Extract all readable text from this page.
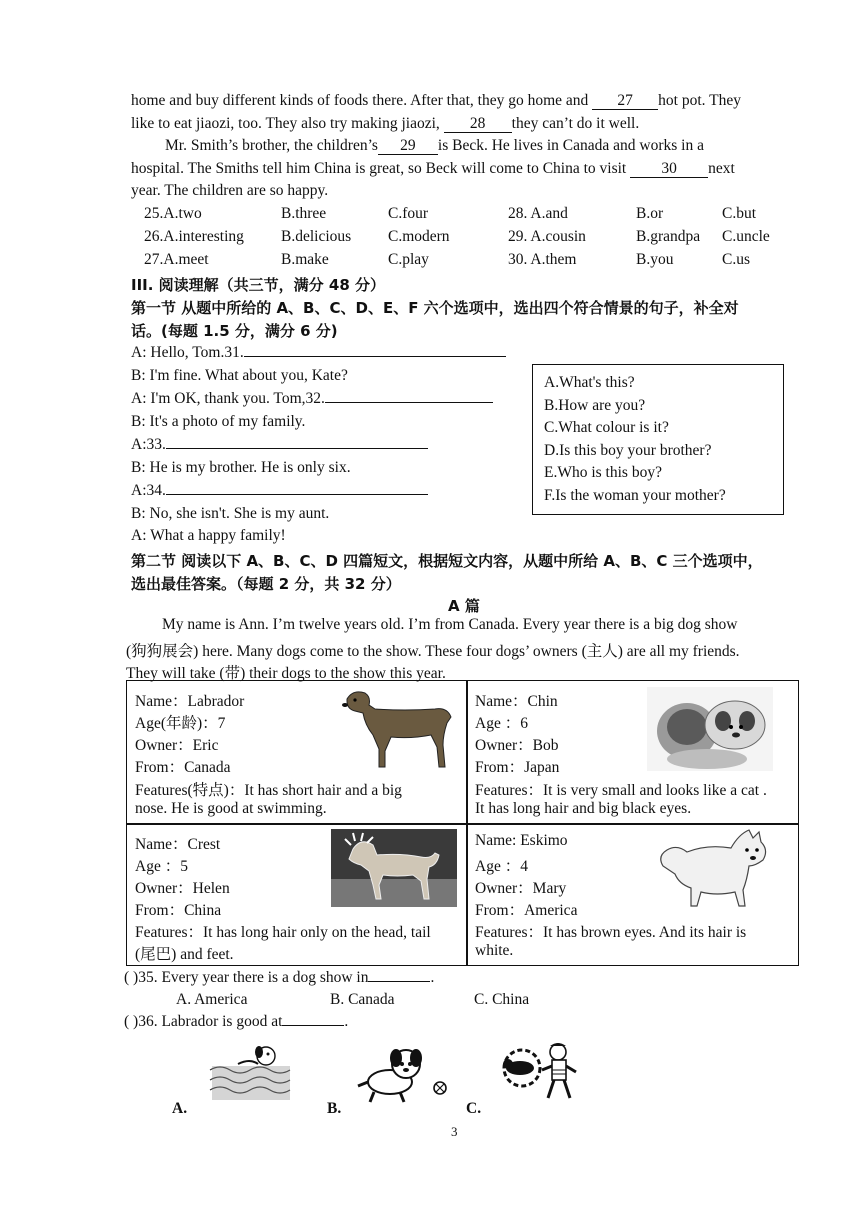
home and buy different kinds of foods there. After that, they go home and 27 hot pot. They
like to eat jiaozi, too. They also try making jiaozi, 28 they can’t do it well.
Mr. Smith’s brother, the children’s 29 is Beck. He lives in Canada and works in a
hospital. The Smiths tell him China is great, so Beck will come to China to visit 30 next
year. The children are so happy.
25.A.two	B.three	C.four	28. A.and	B.or	C.but
26.A.interesting B.delicious C.modern	29. A.cousin	B.grandpa C.uncle
27.A.meet	B.make	C.play	30. A.them	B.you	C.us
III. 阅读理解（共三节，满分 48 分）
第一节 从题中所给的 A、B、C、D、E、F 六个选项中，选出四个符合情景的句子，补全对
话。(每题 1.5 分，满分 6 分)
A: Hello, Tom.31.
B: I'm fine. What about you, Kate?
A: I'm OK, thank you. Tom,32.
B: It's a photo of my family.
A:33.
B: He is my brother. He is only six.
A:34.
B: No, she isn't. She is my aunt.
A: What a happy family!
A.What's this?
B.How are you?
C.What colour is it?
D.Is this boy your brother?
E.Who is this boy?
F.Is the woman your mother?
第二节 阅读以下 A、B、C、D 四篇短文，根据短文内容，从题中所给 A、B、C 三个选项中，
选出最佳答案。（每题 2 分，共 32 分）
A 篇
My name is Ann. I’m twelve years old. I’m from Canada. Every year there is a big dog show
(狗狗展会) here. Many dogs come to the show. These four dogs’ owners (主人) are all my friends.
They will take (带) their dogs to the show this year.
Name：Labrador
Age(年龄)：7
Owner：Eric
From：Canada
Features(特点)：It has short hair and a big
nose. He is good at swimming.
Name：Chin
Age ：6
Owner：Bob
From：Japan
Features：It is very small and looks like a cat .
It has long hair and big black eyes.
Name：Crest
Age ：5
Owner：Helen
From：China
Features：It has long hair only on the head, tail
(尾巴) and feet.
Name: Eskimo
Age ：4
Owner：Mary
From：America
Features：It has brown eyes. And its hair is
white.
( )35. Every year there is a dog show in	.
A. America	B. Canada	C. China
( )36. Labrador is good at	.
A.	B.	C.
3
